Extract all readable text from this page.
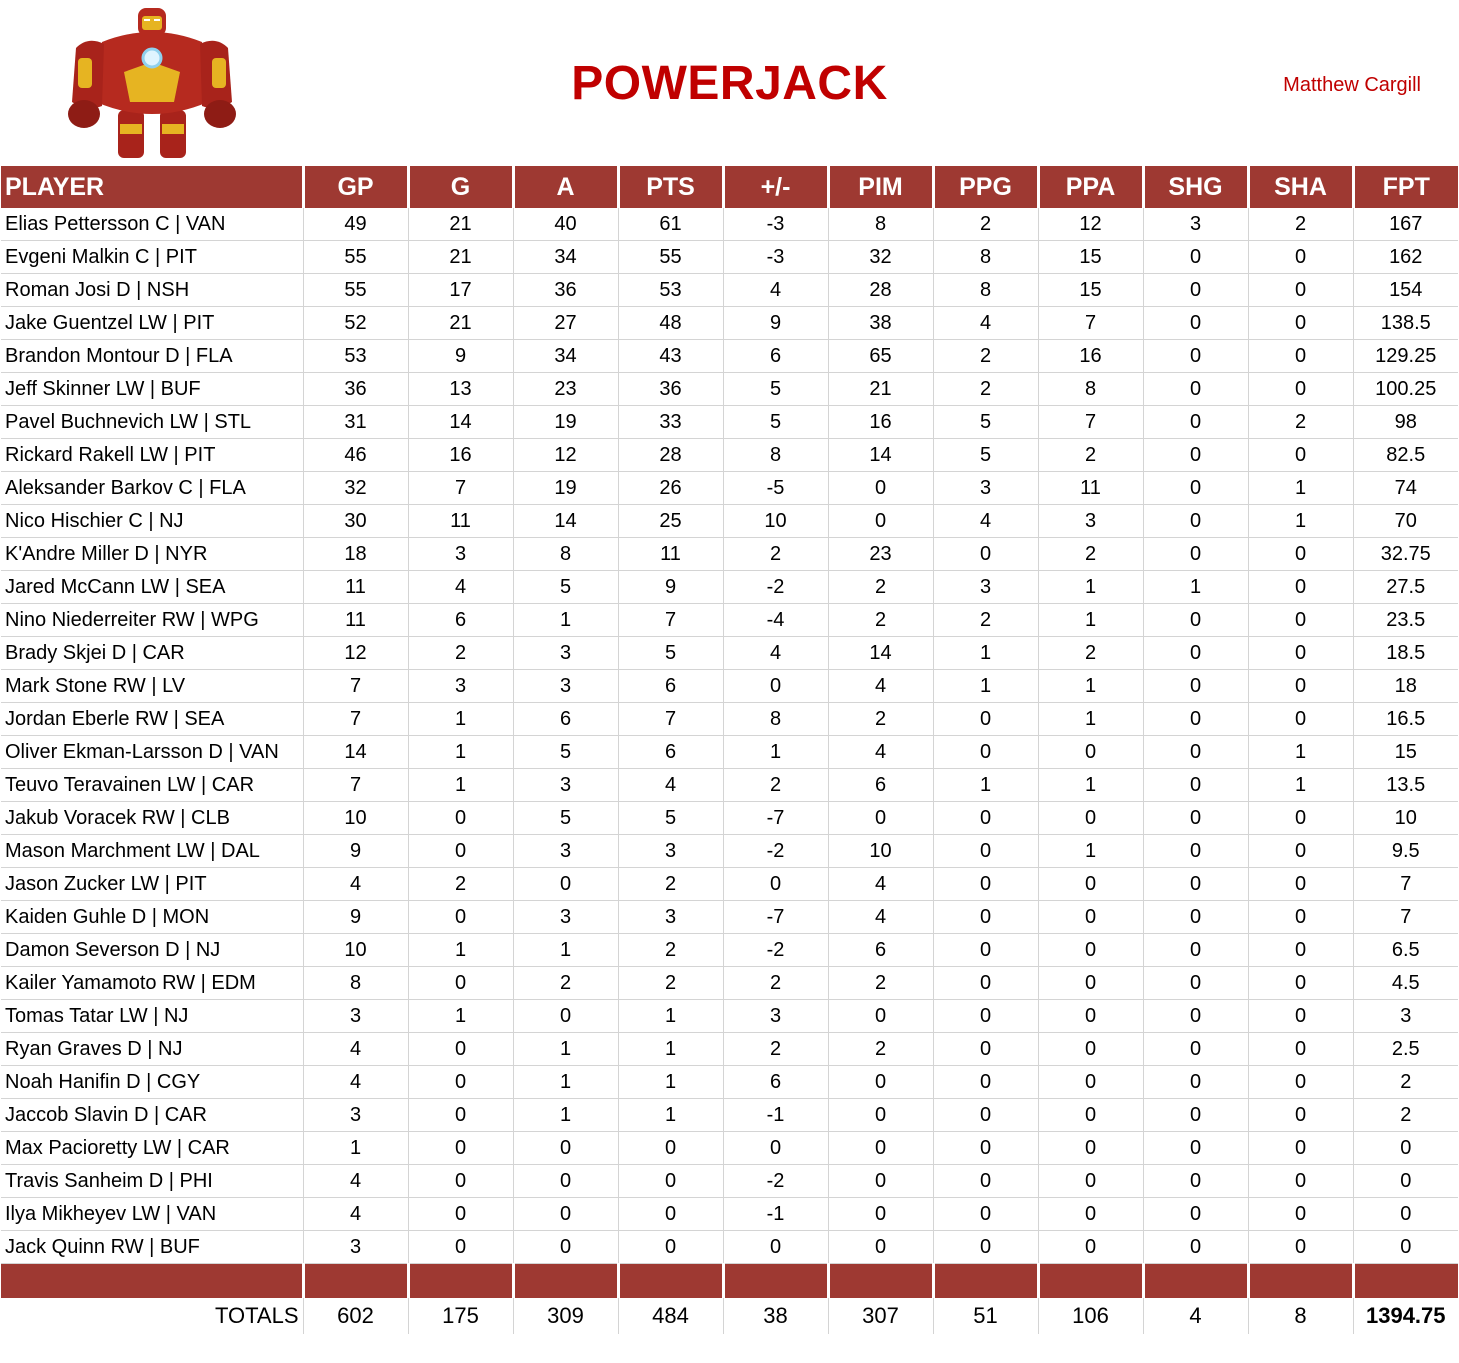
POWERJACK	Matthew Cargill
PLAYER	GP	G	A	PTS	+/-	PIM	PPG	PPA	SHG	SHA	FPT
Elias Pettersson C | VAN	49	21	40	61	-3	8	2	12	3	2	167
Evgeni Malkin C | PIT	55	21	34	55	-3	32	8	15	0	0	162
Roman Josi D | NSH	55	17	36	53	4	28	8	15	0	0	154
Jake Guentzel LW | PIT	52	21	27	48	9	38	4	7	0	0	138.5
Brandon Montour D | FLA	53	9	34	43	6	65	2	16	0	0	129.25
Jeff Skinner LW | BUF	36	13	23	36	5	21	2	8	0	0	100.25
Pavel Buchnevich LW | STL	31	14	19	33	5	16	5	7	0	2	98
Rickard Rakell LW | PIT	46	16	12	28	8	14	5	2	0	0	82.5
Aleksander Barkov C | FLA	32	7	19	26	-5	0	3	11	0	1	74
Nico Hischier C | NJ	30	11	14	25	10	0	4	3	0	1	70
K'Andre Miller D | NYR	18	3	8	11	2	23	0	2	0	0	32.75
Jared McCann LW | SEA	11	4	5	9	-2	2	3	1	1	0	27.5
Nino Niederreiter RW | WPG	11	6	1	7	-4	2	2	1	0	0	23.5
Brady Skjei D | CAR	12	2	3	5	4	14	1	2	0	0	18.5
Mark Stone RW | LV	7	3	3	6	0	4	1	1	0	0	18
Jordan Eberle RW | SEA	7	1	6	7	8	2	0	1	0	0	16.5
Oliver Ekman-Larsson D | VAN	14	1	5	6	1	4	0	0	0	1	15
Teuvo Teravainen LW | CAR	7	1	3	4	2	6	1	1	0	1	13.5
Jakub Voracek RW | CLB	10	0	5	5	-7	0	0	0	0	0	10
Mason Marchment LW | DAL	9	0	3	3	-2	10	0	1	0	0	9.5
Jason Zucker LW | PIT	4	2	0	2	0	4	0	0	0	0	7
Kaiden Guhle D | MON	9	0	3	3	-7	4	0	0	0	0	7
Damon Severson D | NJ	10	1	1	2	-2	6	0	0	0	0	6.5
Kailer Yamamoto RW | EDM	8	0	2	2	2	2	0	0	0	0	4.5
Tomas Tatar LW | NJ	3	1	0	1	3	0	0	0	0	0	3
Ryan Graves D | NJ	4	0	1	1	2	2	0	0	0	0	2.5
Noah Hanifin D | CGY	4	0	1	1	6	0	0	0	0	0	2
Jaccob Slavin D | CAR	3	0	1	1	-1	0	0	0	0	0	2
Max Pacioretty LW | CAR	1	0	0	0	0	0	0	0	0	0	0
Travis Sanheim D | PHI	4	0	0	0	-2	0	0	0	0	0	0
Ilya Mikheyev LW | VAN	4	0	0	0	-1	0	0	0	0	0	0
Jack Quinn RW | BUF	3	0	0	0	0	0	0	0	0	0	0

TOTALS	602	175	309	484	38	307	51	106	4	8	1394.75
